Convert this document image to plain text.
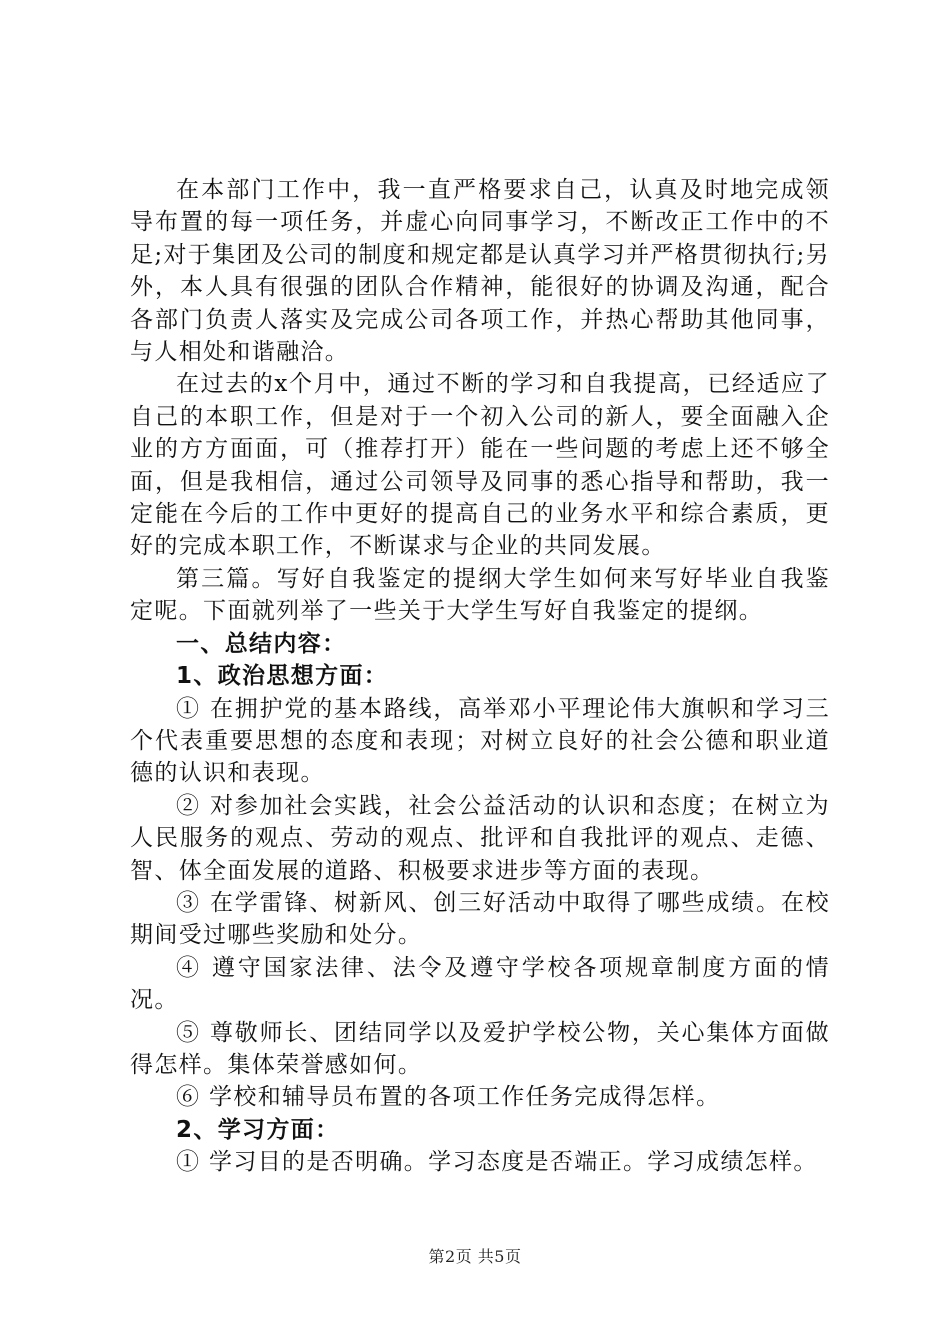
在本部门工作中，我一直严格要求自己，认真及时地完成领导布置的每一项任务，并虚心向同事学习，不断改正工作中的不足;对于集团及公司的制度和规定都是认真学习并严格贯彻执行;另外，本人具有很强的团队合作精神，能很好的协调及沟通，配合各部门负责人落实及完成公司各项工作，并热心帮助其他同事，与人相处和谐融洽。

在过去的x个月中，通过不断的学习和自我提高，已经适应了自己的本职工作，但是对于一个初入公司的新人，要全面融入企业的方方面面，可（推荐打开）能在一些问题的考虑上还不够全面，但是我相信，通过公司领导及同事的悉心指导和帮助，我一定能在今后的工作中更好的提高自己的业务水平和综合素质，更好的完成本职工作，不断谋求与企业的共同发展。

第三篇。写好自我鉴定的提纲大学生如何来写好毕业自我鉴定呢。下面就列举了一些关于大学生写好自我鉴定的提纲。

一、总结内容：

1、政治思想方面：

① 在拥护党的基本路线，高举邓小平理论伟大旗帜和学习三个代表重要思想的态度和表现；对树立良好的社会公德和职业道德的认识和表现。

② 对参加社会实践，社会公益活动的认识和态度；在树立为人民服务的观点、劳动的观点、批评和自我批评的观点、走德、智、体全面发展的道路、积极要求进步等方面的表现。

③ 在学雷锋、树新风、创三好活动中取得了哪些成绩。在校期间受过哪些奖励和处分。

④ 遵守国家法律、法令及遵守学校各项规章制度方面的情况。

⑤ 尊敬师长、团结同学以及爱护学校公物，关心集体方面做得怎样。集体荣誉感如何。

⑥ 学校和辅导员布置的各项工作任务完成得怎样。

2、学习方面：

① 学习目的是否明确。学习态度是否端正。学习成绩怎样。

第2页 共5页
